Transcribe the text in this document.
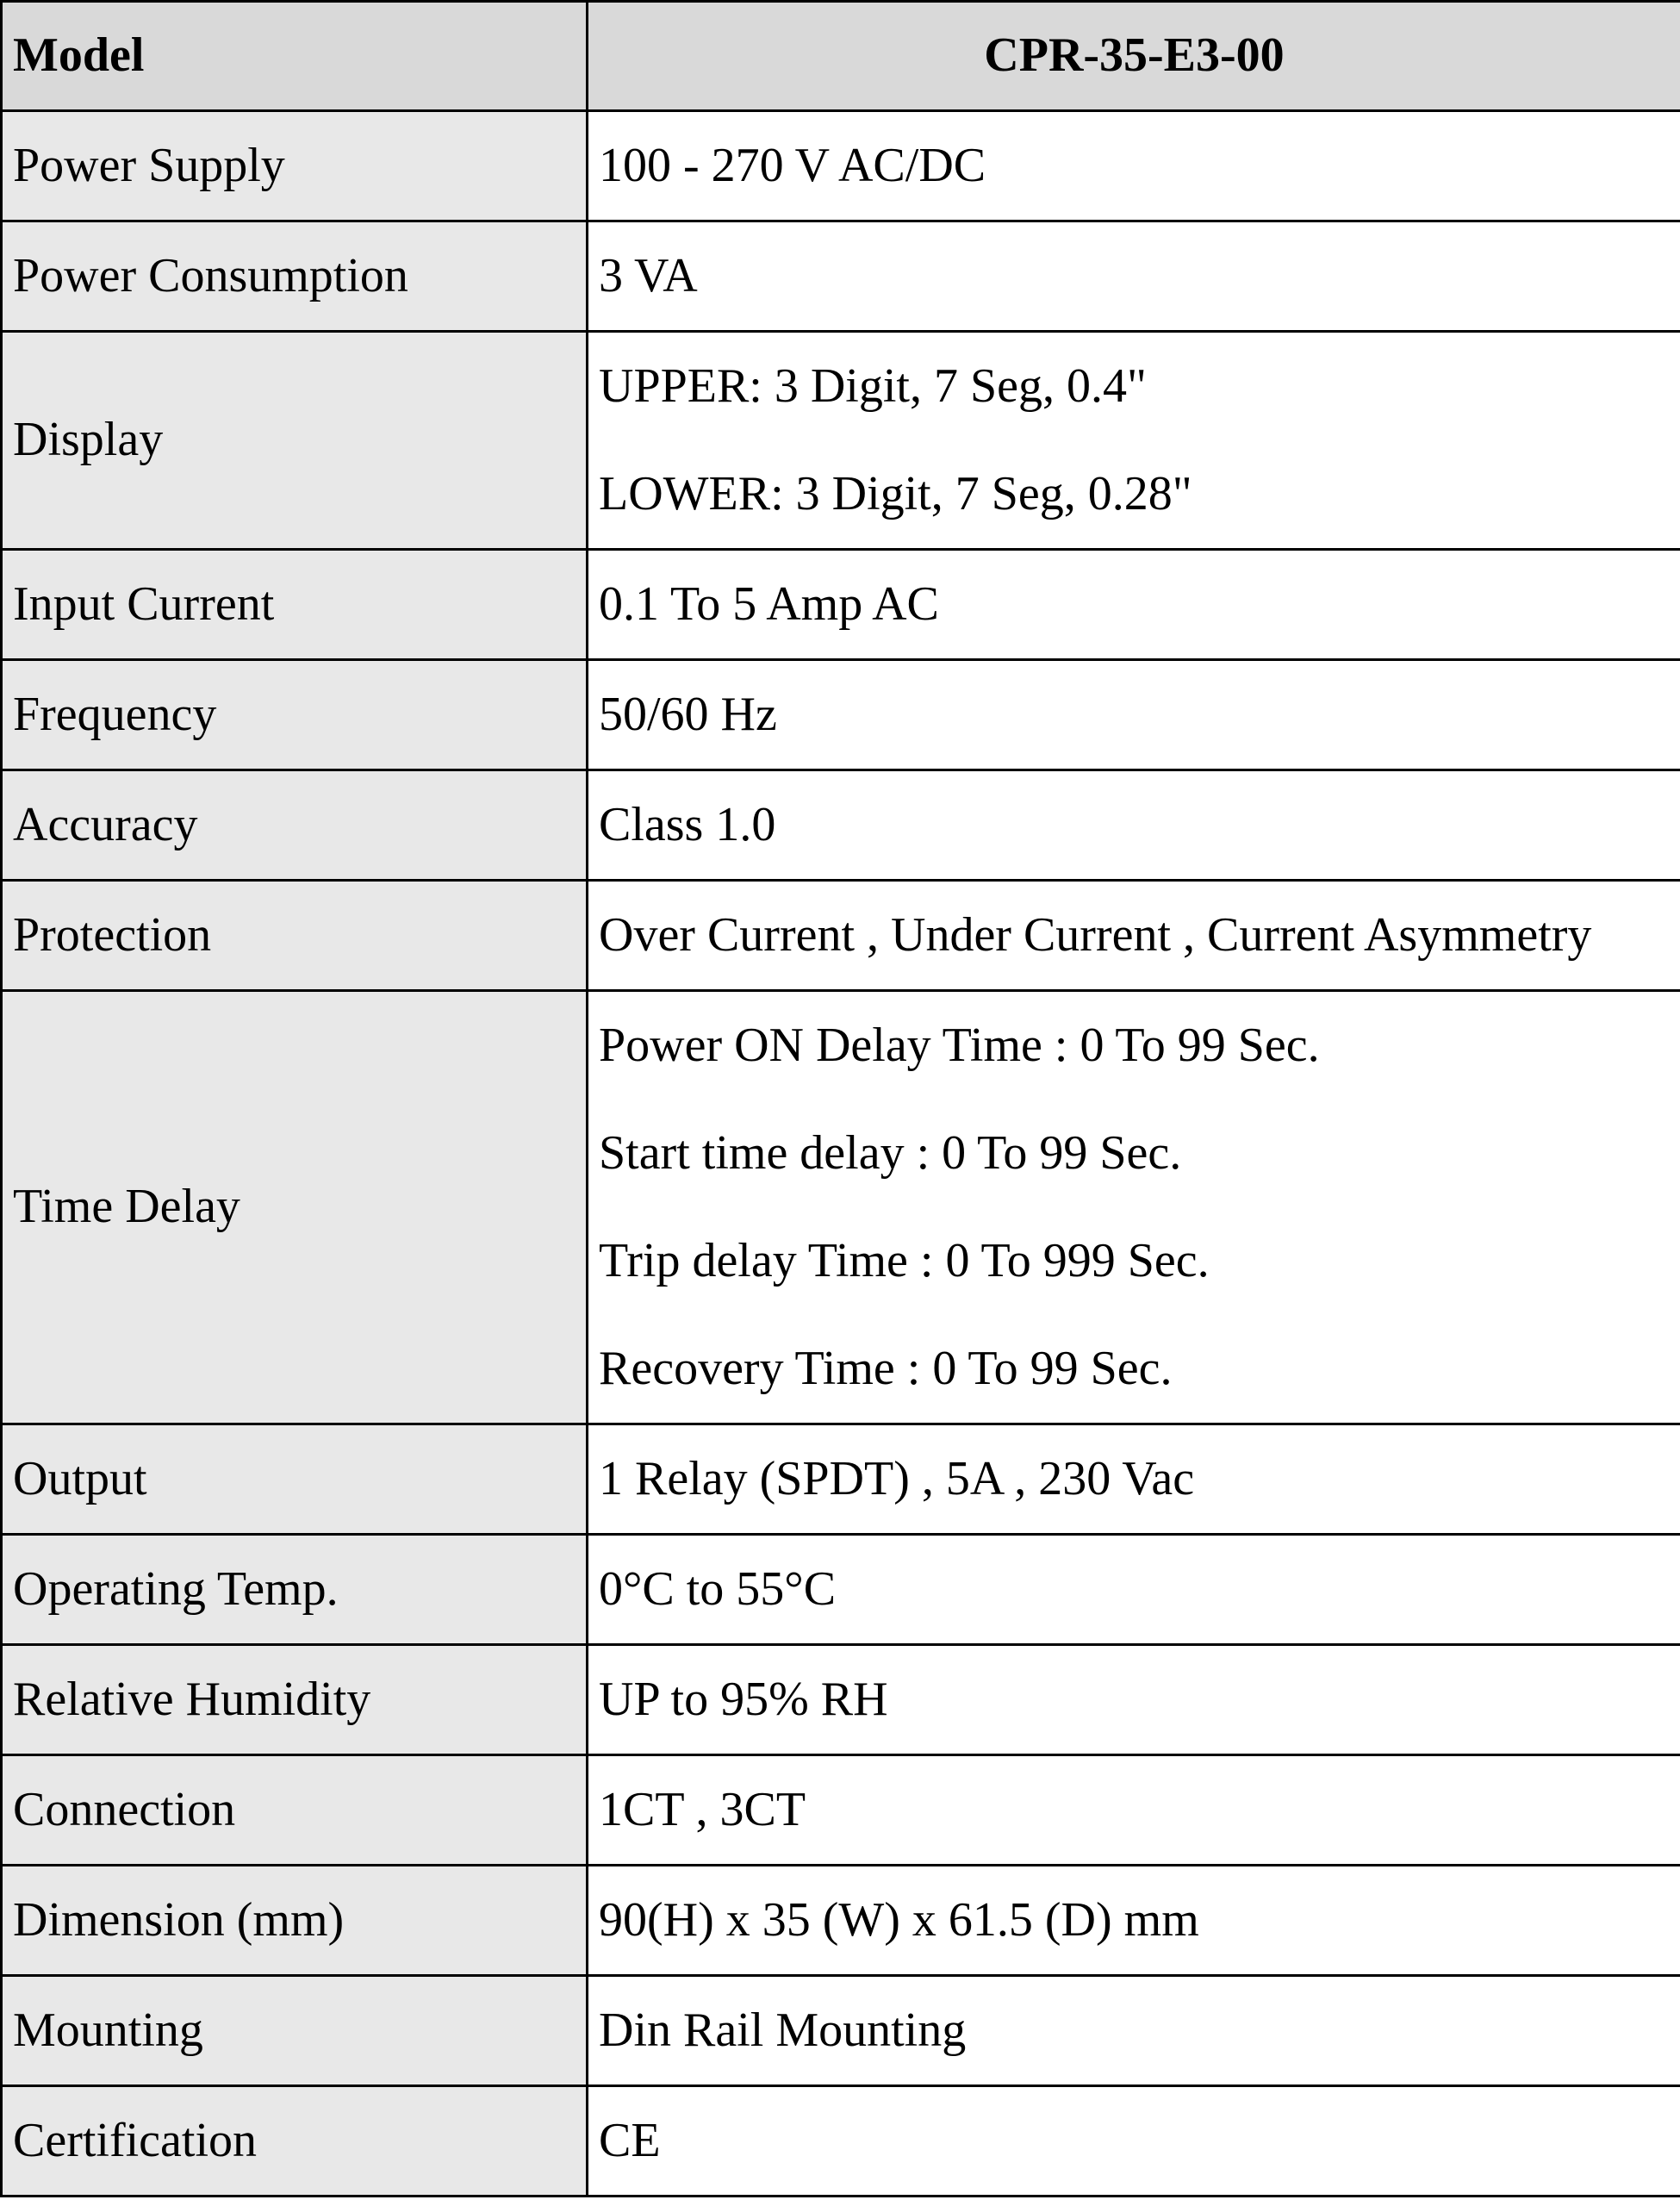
Model	CPR-35-E3-00
Power Supply	100 - 270 V AC/DC

Power Consumption	3 VA

Display	UPPER: 3 Digit, 7 Seg, 0.4"
LOWER: 3 Digit, 7 Seg, 0.28"

Input Current	0.1 To 5 Amp AC

Frequency	50/60 Hz

Accuracy	Class 1.0

Protection	Over Current , Under Current , Current Asymmetry

Time Delay	Power ON Delay Time : 0 To 99 Sec.
Start time delay : 0 To 99 Sec.
Trip delay Time : 0 To 999 Sec.
Recovery Time : 0 To 99 Sec.

Output	1 Relay (SPDT) , 5A , 230 Vac

Operating Temp.	0°C to 55°C

Relative Humidity	UP to 95% RH

Connection	1CT , 3CT

Dimension (mm)	90(H) x 35 (W) x 61.5 (D) mm

Mounting	Din Rail Mounting

Certification	CE
